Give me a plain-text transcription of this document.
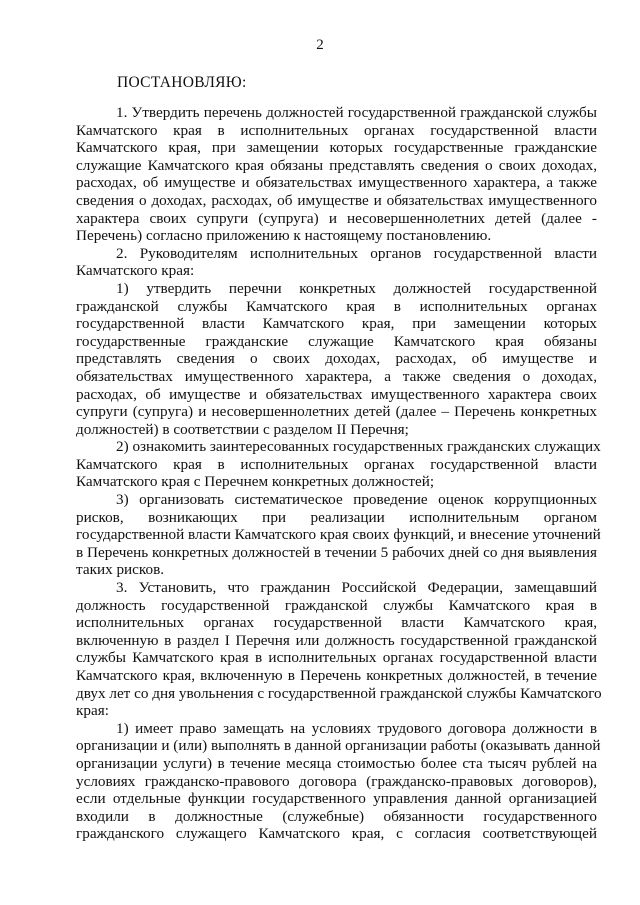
2
ПОСТАНОВЛЯЮ:

1. Утвердить перечень должностей государственной гражданской службы
Камчатского края в исполнительных органах государственной власти
Камчатского края, при замещении которых государственные гражданские
служащие Камчатского края обязаны представлять сведения о своих доходах,
расходах, об имуществе и обязательствах имущественного характера, а также
сведения о доходах, расходах, об имуществе и обязательствах имущественного
характера своих супруги (супруга) и несовершеннолетних детей (далее -
Перечень) согласно приложению к настоящему постановлению.

2. Руководителям исполнительных органов государственной власти
Камчатского края:

1) утвердить перечни конкретных должностей государственной
гражданской службы Камчатского края в исполнительных органах
государственной власти Камчатского края, при замещении которых
государственные гражданские служащие Камчатского края обязаны
представлять сведения о своих доходах, расходах, об имуществе и
обязательствах имущественного характера, а также сведения о доходах,
расходах, об имуществе и обязательствах имущественного характера своих
супруги (супруга) и несовершеннолетних детей (далее – Перечень конкретных
должностей) в соответствии с разделом II Перечня;

2) ознакомить заинтересованных государственных гражданских служащих
Камчатского края в исполнительных органах государственной власти
Камчатского края с Перечнем конкретных должностей;

3) организовать систематическое проведение оценок коррупционных
рисков, возникающих при реализации исполнительным органом
государственной власти Камчатского края своих функций, и внесение уточнений
в Перечень конкретных должностей в течении 5 рабочих дней со дня выявления
таких рисков.

3. Установить, что гражданин Российской Федерации, замещавший
должность государственной гражданской службы Камчатского края в
исполнительных органах государственной власти Камчатского края,
включенную в раздел I Перечня или должность государственной гражданской
службы Камчатского края в исполнительных органах государственной власти
Камчатского края, включенную в Перечень конкретных должностей, в течение
двух лет со дня увольнения с государственной гражданской службы Камчатского
края:

1) имеет право замещать на условиях трудового договора должности в
организации и (или) выполнять в данной организации работы (оказывать данной
организации услуги) в течение месяца стоимостью более ста тысяч рублей на
условиях гражданско-правового договора (гражданско-правовых договоров),
если отдельные функции государственного управления данной организацией
входили в должностные (служебные) обязанности государственного
гражданского служащего Камчатского края, с согласия соответствующей
